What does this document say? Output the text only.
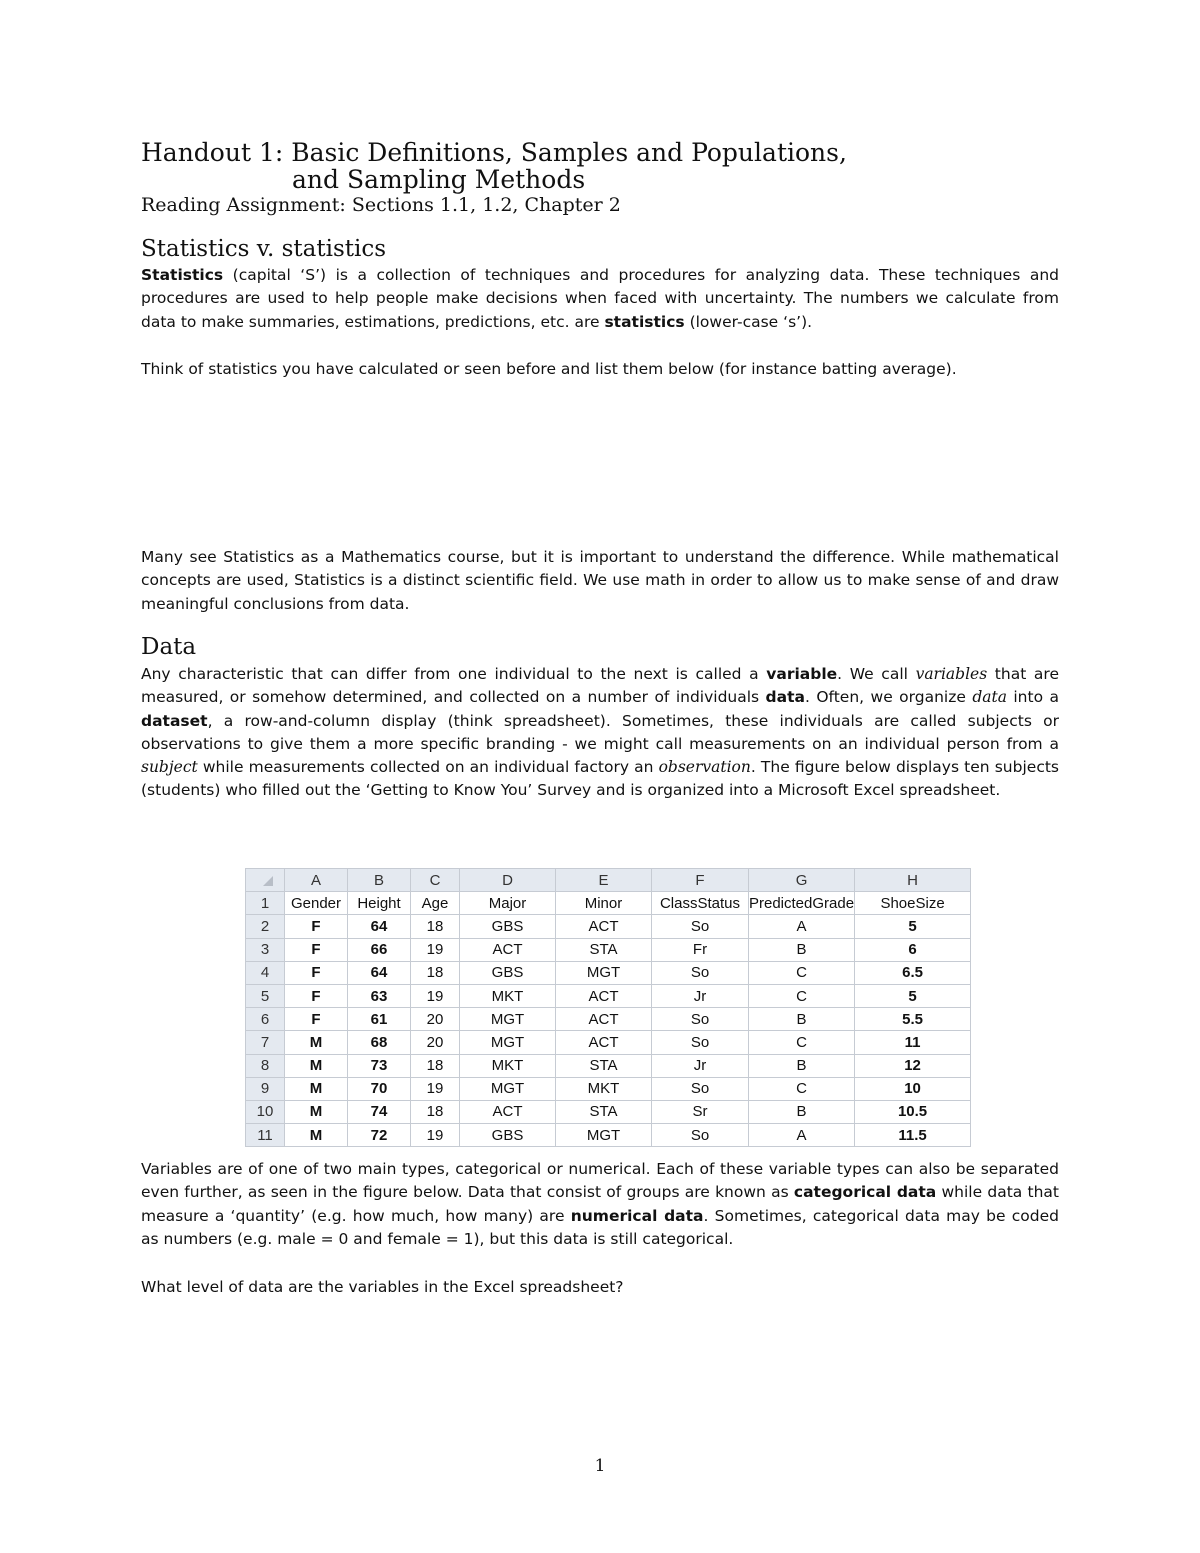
Handout 1: Basic Definitions, Samples and Populations,
and Sampling Methods
Reading Assignment: Sections 1.1, 1.2, Chapter 2
Statistics v. statistics
Statistics (capital ‘S’) is a collection of techniques and procedures for analyzing data. These techniques and procedures are used to help people make decisions when faced with uncertainty. The numbers we calculate from data to make summaries, estimations, predictions, etc. are statistics (lower-case ‘s’).
Think of statistics you have calculated or seen before and list them below (for instance batting average).
Many see Statistics as a Mathematics course, but it is important to understand the difference. While mathematical concepts are used, Statistics is a distinct scientific field. We use math in order to allow us to make sense of and draw meaningful conclusions from data.
Data
Any characteristic that can differ from one individual to the next is called a variable. We call variables that are measured, or somehow determined, and collected on a number of individuals data. Often, we organize data into a dataset, a row-and-column display (think spreadsheet). Sometimes, these individuals are called subjects or observations to give them a more specific branding - we might call measurements on an individual person from a subject while measurements collected on an individual factory an observation. The figure below displays ten subjects (students) who filled out the ‘Getting to Know You’ Survey and is organized into a Microsoft Excel spreadsheet.
	A	B	C	D	E	F	G	H
1	Gender	Height	Age	Major	Minor	ClassStatus	PredictedGrade	ShoeSize
2	F	64	18	GBS	ACT	So	A	5
3	F	66	19	ACT	STA	Fr	B	6
4	F	64	18	GBS	MGT	So	C	6.5
5	F	63	19	MKT	ACT	Jr	C	5
6	F	61	20	MGT	ACT	So	B	5.5
7	M	68	20	MGT	ACT	So	C	11
8	M	73	18	MKT	STA	Jr	B	12
9	M	70	19	MGT	MKT	So	C	10
10	M	74	18	ACT	STA	Sr	B	10.5
11	M	72	19	GBS	MGT	So	A	11.5
Variables are of one of two main types, categorical or numerical. Each of these variable types can also be separated even further, as seen in the figure below. Data that consist of groups are known as categorical data while data that measure a ‘quantity’ (e.g. how much, how many) are numerical data. Sometimes, categorical data may be coded as numbers (e.g. male = 0 and female = 1), but this data is still categorical.
What level of data are the variables in the Excel spreadsheet?
1
